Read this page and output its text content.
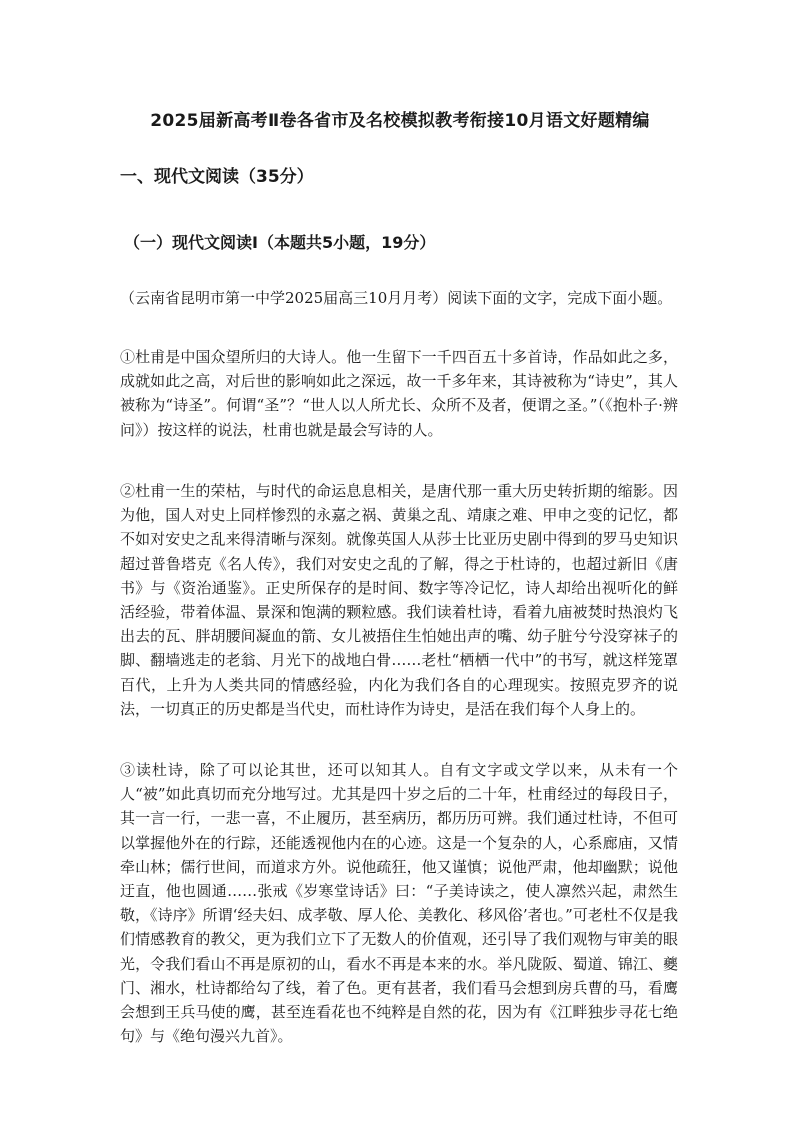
2025届新高考Ⅱ卷各省市及名校模拟教考衔接10月语文好题精编
一、现代文阅读（35分）
（一）现代文阅读Ⅰ（本题共5小题，19分）
（云南省昆明市第一中学2025届高三10月月考）阅读下面的文字，完成下面小题。
①杜甫是中国众望所归的大诗人。他一生留下一千四百五十多首诗，作品如此之多，成就如此之高，对后世的影响如此之深远，故一千多年来，其诗被称为“诗史”，其人被称为“诗圣”。何谓“圣”？“世人以人所尤长、众所不及者，便谓之圣。”（《抱朴子·辨问》）按这样的说法，杜甫也就是最会写诗的人。
②杜甫一生的荣枯，与时代的命运息息相关，是唐代那一重大历史转折期的缩影。因为他，国人对史上同样惨烈的永嘉之祸、黄巢之乱、靖康之难、甲申之变的记忆，都不如对安史之乱来得清晰与深刻。就像英国人从莎士比亚历史剧中得到的罗马史知识超过普鲁塔克《名人传》，我们对安史之乱的了解，得之于杜诗的，也超过新旧《唐书》与《资治通鉴》。正史所保存的是时间、数字等冷记忆，诗人却给出视听化的鲜活经验，带着体温、景深和饱满的颗粒感。我们读着杜诗，看着九庙被焚时热浪灼飞出去的瓦、胖胡腰间凝血的箭、女儿被捂住生怕她出声的嘴、幼子脏兮兮没穿袜子的脚、翻墙逃走的老翁、月光下的战地白骨……老杜“栖栖一代中”的书写，就这样笼罩百代，上升为人类共同的情感经验，内化为我们各自的心理现实。按照克罗齐的说法，一切真正的历史都是当代史，而杜诗作为诗史，是活在我们每个人身上的。
③读杜诗，除了可以论其世，还可以知其人。自有文字或文学以来，从未有一个人“被”如此真切而充分地写过。尤其是四十岁之后的二十年，杜甫经过的每段日子，其一言一行，一悲一喜，不止履历，甚至病历，都历历可辨。我们通过杜诗，不但可以掌握他外在的行踪，还能透视他内在的心迹。这是一个复杂的人，心系廊庙，又情牵山林；儒行世间，而道求方外。说他疏狂，他又谨慎；说他严肃，他却幽默；说他迂直，他也圆通……张戒《岁寒堂诗话》曰：“子美诗读之，使人凛然兴起，肃然生敬，《诗序》所谓‘经夫妇、成孝敬、厚人伦、美教化、移风俗’者也。”可老杜不仅是我们情感教育的教父，更为我们立下了无数人的价值观，还引导了我们观物与审美的眼光，令我们看山不再是原初的山，看水不再是本来的水。举凡陇阪、蜀道、锦江、夔门、湘水，杜诗都给勾了线，着了色。更有甚者，我们看马会想到房兵曹的马，看鹰会想到王兵马使的鹰，甚至连看花也不纯粹是自然的花，因为有《江畔独步寻花七绝句》与《绝句漫兴九首》。
